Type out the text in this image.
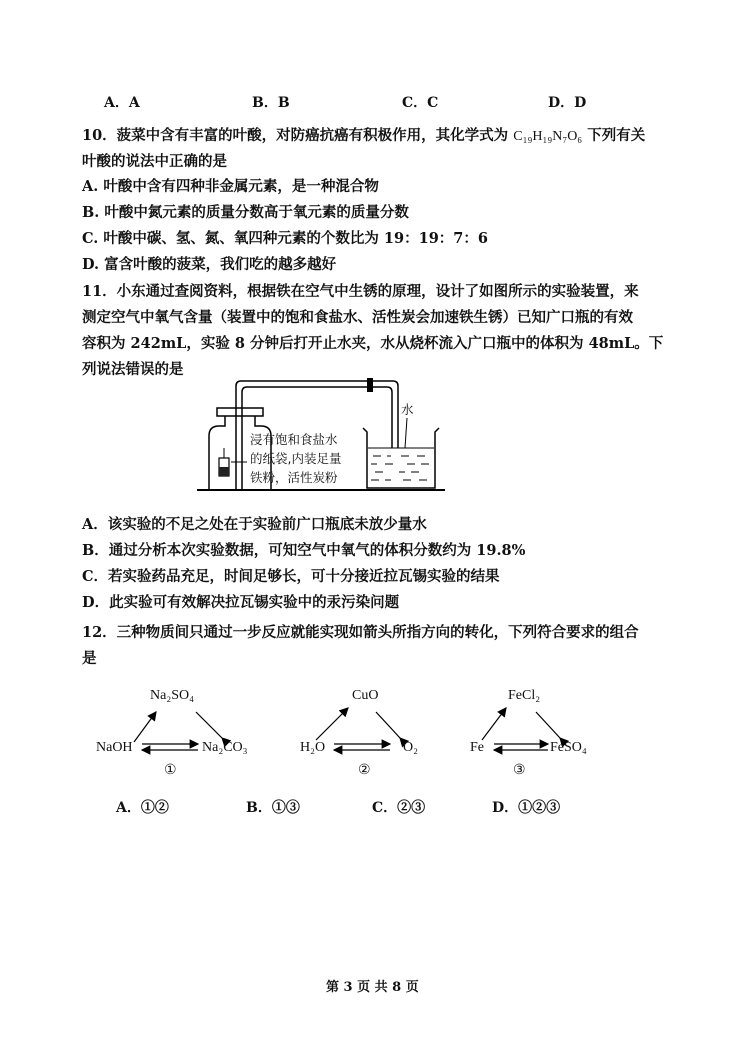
A．A	B．B	C．C	D．D
10．菠菜中含有丰富的叶酸，对防癌抗癌有积极作用，其化学式为 C₁₉H₁₉N₇O₆ 下列有关
叶酸的说法中正确的是
A. 叶酸中含有四种非金属元素，是一种混合物
B. 叶酸中氮元素的质量分数高于氧元素的质量分数
C. 叶酸中碳、氢、氮、氧四种元素的个数比为 19：19：7：6
D. 富含叶酸的菠菜，我们吃的越多越好
11．小东通过查阅资料，根据铁在空气中生锈的原理，设计了如图所示的实验装置，来
测定空气中氧气含量（装置中的饱和食盐水、活性炭会加速铁生锈）已知广口瓶的有效
容积为 242mL，实验 8 分钟后打开止水夹，水从烧杯流入广口瓶中的体积为 48mL。下
列说法错误的是
水
浸有饱和食盐水
的纸袋,内装足量
铁粉，活性炭粉
A．该实验的不足之处在于实验前广口瓶底未放少量水
B．通过分析本次实验数据，可知空气中氧气的体积分数约为 19.8%
C．若实验药品充足，时间足够长，可十分接近拉瓦锡实验的结果
D．此实验可有效解决拉瓦锡实验中的汞污染问题
12．三种物质间只通过一步反应就能实现如箭头所指方向的转化，下列符合要求的组合
是
Na₂SO₄
NaOH	Na₂CO₃
①
CuO
H₂O	O₂
②
FeCl₂
Fe	FeSO₄
③
A．①②	B．①③	C．②③	D．①②③
第 3 页 共 8 页
